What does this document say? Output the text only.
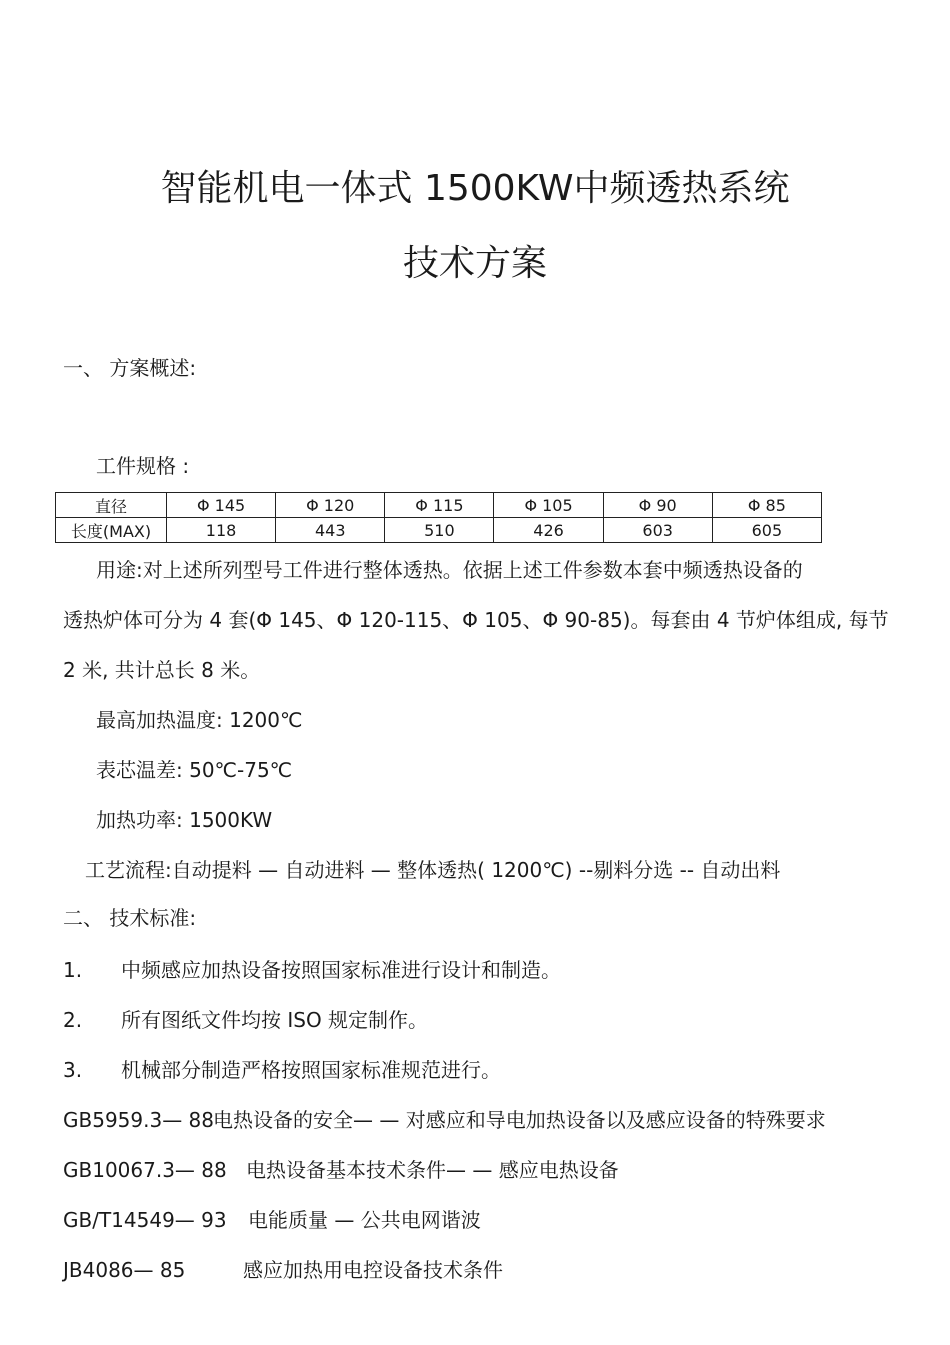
智能机电一体式 1500KW中频透热系统
技术方案
一、 方案概述:
工件规格 :
直径	Φ 145	Φ 120	Φ 115	Φ 105	Φ 90	Φ 85
长度(MAX)	118	443	510	426	603	605
用途:对上述所列型号工件进行整体透热。依据上述工件参数本套中频透热设备的
透热炉体可分为 4 套(Φ 145、Φ 120-115、Φ 105、Φ 90-85)。每套由 4 节炉体组成, 每节
2 米, 共计总长 8 米。
最高加热温度: 1200℃
表芯温差: 50℃-75℃
加热功率: 1500KW
工艺流程:自动提料 — 自动进料 — 整体透热( 1200℃) --剔料分选 -- 自动出料
二、 技术标准:
1. 中频感应加热设备按照国家标准进行设计和制造。
2. 所有图纸文件均按 ISO 规定制作。
3. 机械部分制造严格按照国家标准规范进行。
GB5959.3— 88
电热设备的安全— — 对感应和导电加热设备以及感应设备的特殊要求
GB10067.3— 88 电热设备基本技术条件— — 感应电热设备
GB/T14549— 93 电能质量 — 公共电网谐波
JB4086— 85	感应加热用电控设备技术条件
